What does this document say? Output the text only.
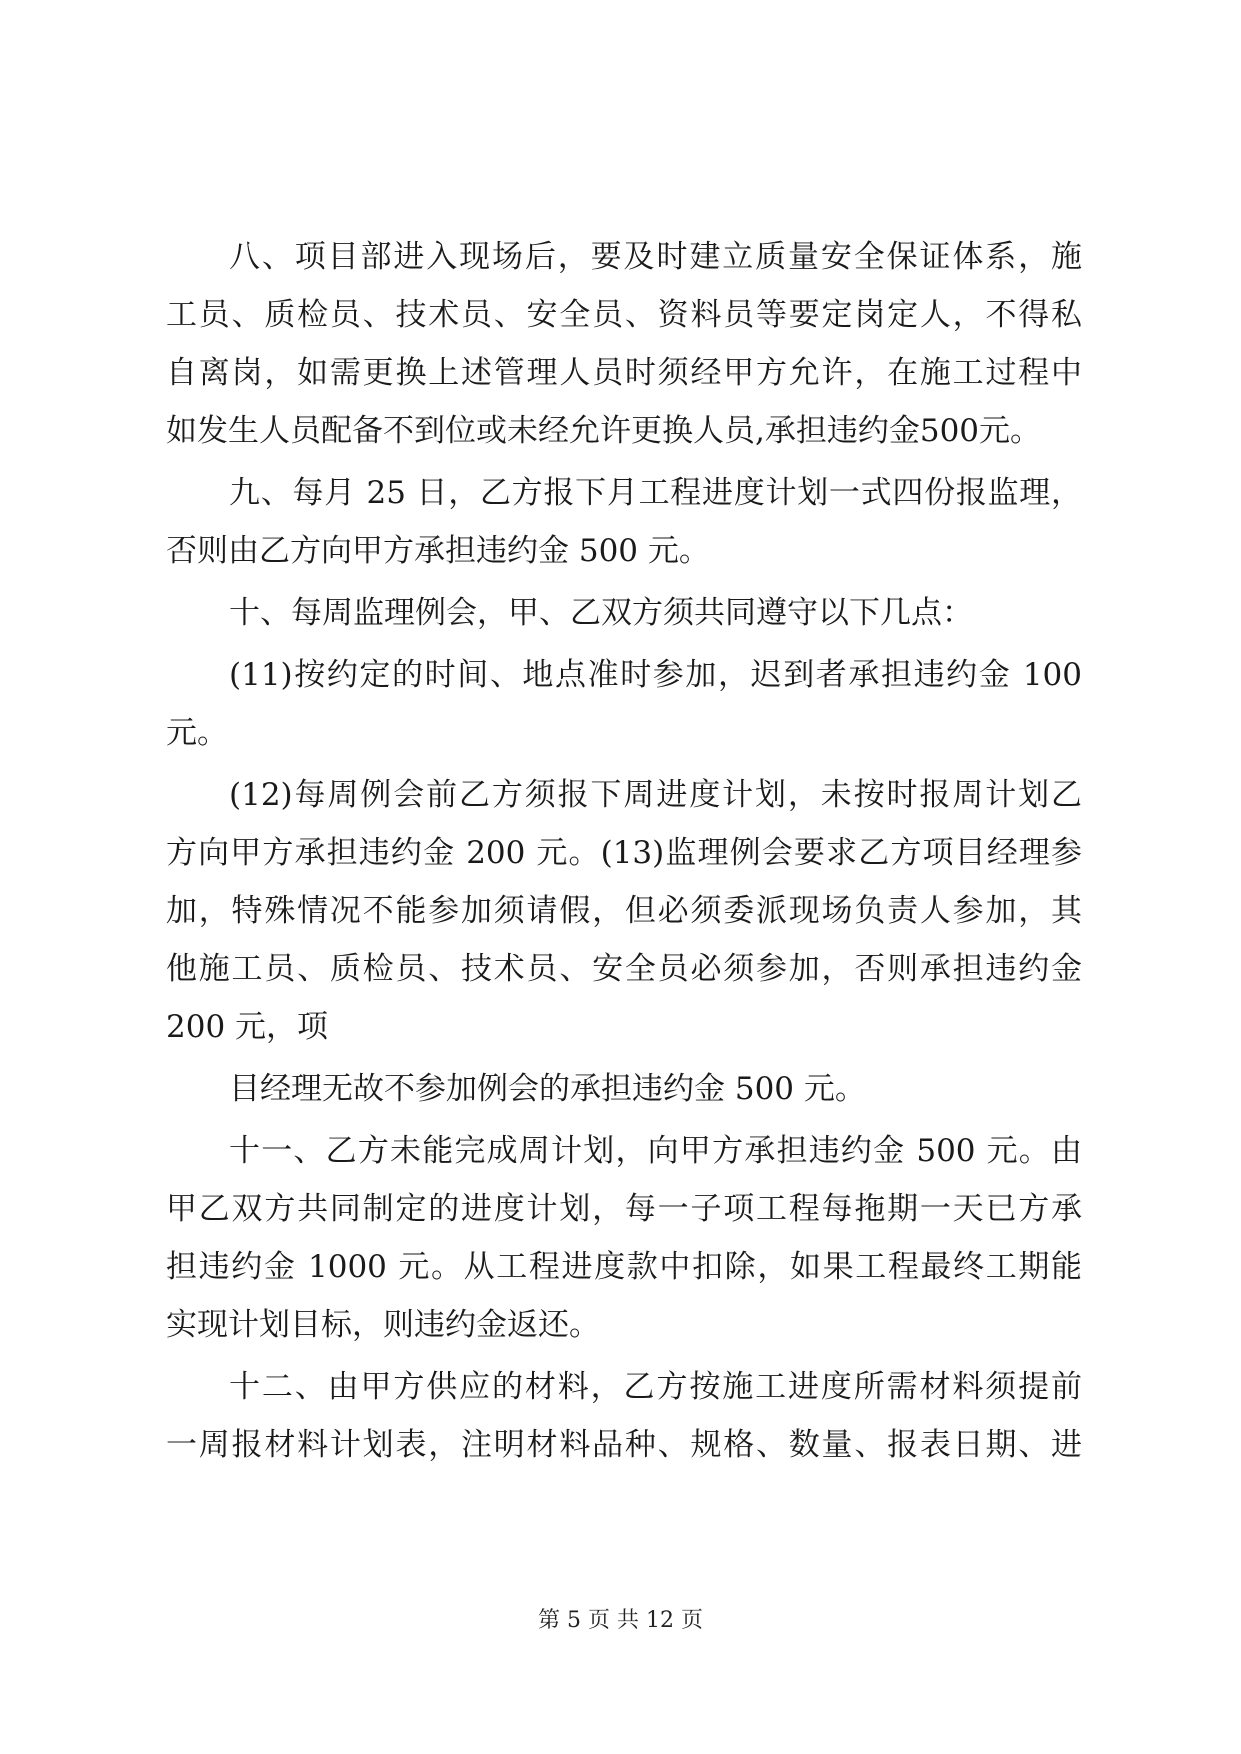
八、项目部进入现场后，要及时建立质量安全保证体系，施
工员、质检员、技术员、安全员、资料员等要定岗定人，不得私
自离岗，如需更换上述管理人员时须经甲方允许，在施工过程中
如发生人员配备不到位或未经允许更换人员,承担违约金500元。
九、每月 25 日，乙方报下月工程进度计划一式四份报监理，
否则由乙方向甲方承担违约金 500 元。
十、每周监理例会，甲、乙双方须共同遵守以下几点：
(11)按约定的时间、地点准时参加，迟到者承担违约金 100
元。
(12)每周例会前乙方须报下周进度计划，未按时报周计划乙
方向甲方承担违约金 200 元。(13)监理例会要求乙方项目经理参
加，特殊情况不能参加须请假，但必须委派现场负责人参加，其
他施工员、质检员、技术员、安全员必须参加，否则承担违约金
200 元，项
目经理无故不参加例会的承担违约金 500 元。
十一、乙方未能完成周计划，向甲方承担违约金 500 元。由
甲乙双方共同制定的进度计划，每一子项工程每拖期一天已方承
担违约金 1000 元。从工程进度款中扣除，如果工程最终工期能
实现计划目标，则违约金返还。
十二、由甲方供应的材料，乙方按施工进度所需材料须提前
一周报材料计划表，注明材料品种、规格、数量、报表日期、进
第 5 页 共 12 页
